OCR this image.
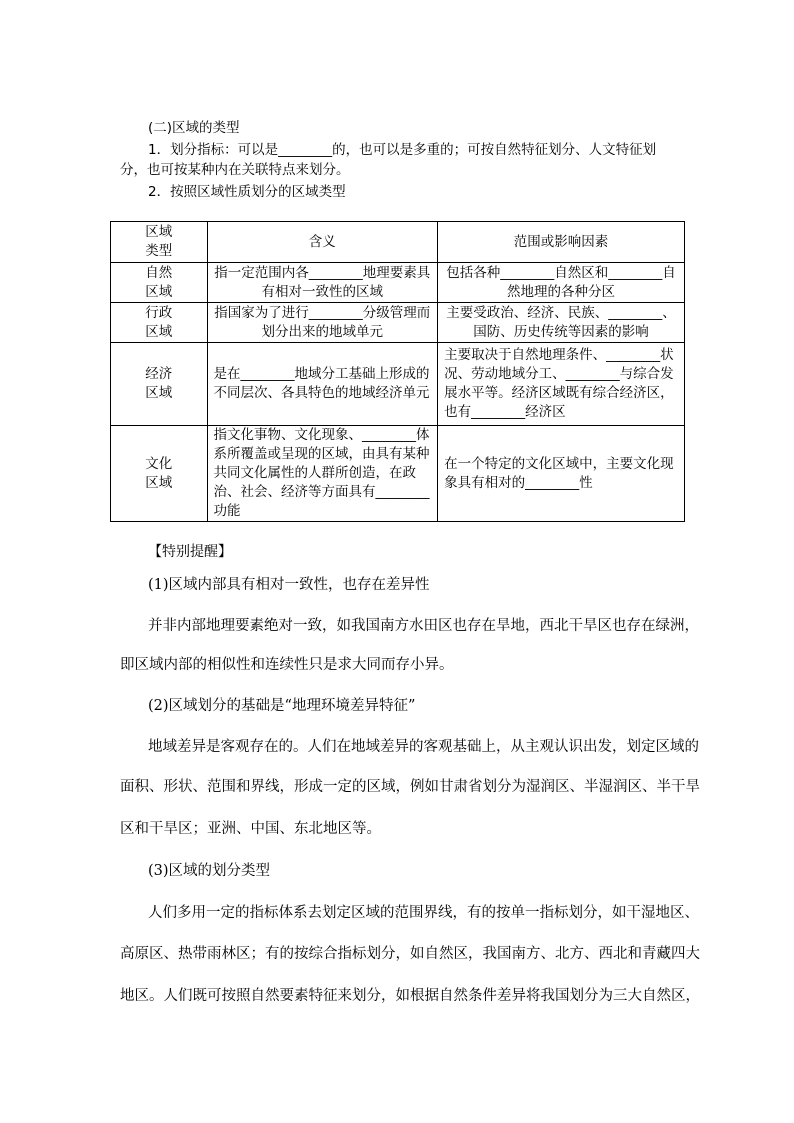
(二)区域的类型
1．划分指标：可以是________的，也可以是多重的；可按自然特征划分、人文特征划
分，也可按某种内在关联特点来划分。
2．按照区域性质划分的区域类型
区域
类型	含义	范围或影响因素
自然
区域	指一定范围内各________地理要素具有相对一致性的区域	包括各种________自然区和________自然地理的各种分区
行政
区域	指国家为了进行________分级管理而划分出来的地域单元	主要受政治、经济、民族、________、国防、历史传统等因素的影响
经济
区域	是在________地域分工基础上形成的不同层次、各具特色的地域经济单元	主要取决于自然地理条件、________状况、劳动地域分工、________与综合发展水平等。经济区域既有综合经济区，也有________经济区
文化
区域	指文化事物、文化现象、________体系所覆盖或呈现的区域，由具有某种共同文化属性的人群所创造，在政治、社会、经济等方面具有________功能	在一个特定的文化区域中，主要文化现象具有相对的________性
【特别提醒】
(1)区域内部具有相对一致性，也存在差异性
并非内部地理要素绝对一致，如我国南方水田区也存在旱地，西北干旱区也存在绿洲，
即区域内部的相似性和连续性只是求大同而存小异。
(2)区域划分的基础是“地理环境差异特征”
地域差异是客观存在的。人们在地域差异的客观基础上，从主观认识出发，划定区域的
面积、形状、范围和界线，形成一定的区域，例如甘肃省划分为湿润区、半湿润区、半干旱
区和干旱区；亚洲、中国、东北地区等。
(3)区域的划分类型
人们多用一定的指标体系去划定区域的范围界线，有的按单一指标划分，如干湿地区、
高原区、热带雨林区；有的按综合指标划分，如自然区，我国南方、北方、西北和青藏四大
地区。人们既可按照自然要素特征来划分，如根据自然条件差异将我国划分为三大自然区，
